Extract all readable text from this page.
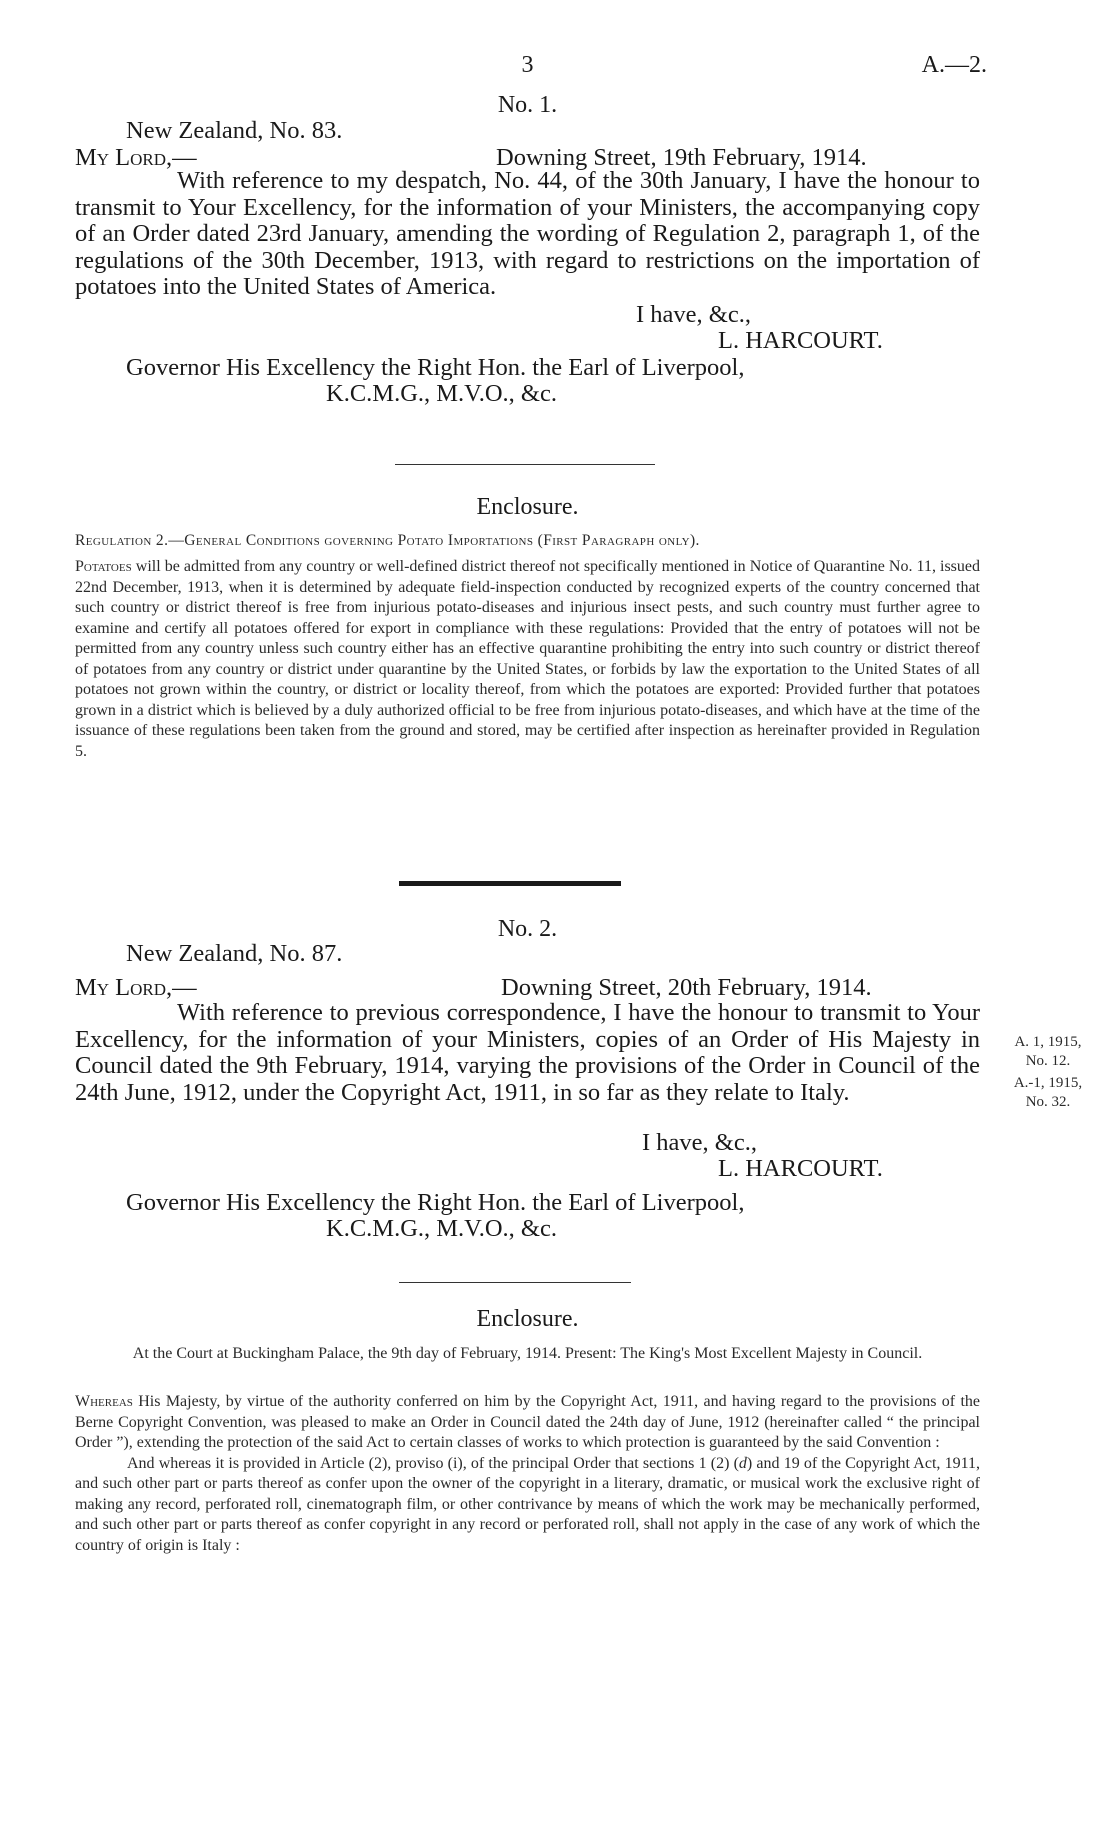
3	A.—2.
No. 1.
New Zealand, No. 83.
My Lord,—	Downing Street, 19th February, 1914.

With reference to my despatch, No. 44, of the 30th January, I have the honour to transmit to Your Excellency, for the information of your Ministers, the accompanying copy of an Order dated 23rd January, amending the wording of Regulation 2, paragraph 1, of the regulations of the 30th December, 1913, with regard to restrictions on the importation of potatoes into the United States of America.

I have, &c.,
L. HARCOURT.
Governor His Excellency the Right Hon. the Earl of Liverpool,
K.C.M.G., M.V.O., &c.
Enclosure.
Regulation 2.—General Conditions governing Potato Importations (First Paragraph only).

Potatoes will be admitted from any country or well-defined district thereof not specifically mentioned in Notice of Quarantine No. 11, issued 22nd December, 1913, when it is determined by adequate field-inspection conducted by recognized experts of the country concerned that such country or district thereof is free from injurious potato-diseases and injurious insect pests, and such country must further agree to examine and certify all potatoes offered for export in compliance with these regulations: Provided that the entry of potatoes will not be permitted from any country unless such country either has an effective quarantine prohibiting the entry into such country or district thereof of potatoes from any country or district under quarantine by the United States, or forbids by law the exportation to the United States of all potatoes not grown within the country, or district or locality thereof, from which the potatoes are exported: Provided further that potatoes grown in a district which is believed by a duly authorized official to be free from injurious potato-diseases, and which have at the time of the issuance of these regulations been taken from the ground and stored, may be certified after inspection as hereinafter provided in Regulation 5.

No. 2.
New Zealand, No. 87.
My Lord,—	Downing Street, 20th February, 1914.

With reference to previous correspondence, I have the honour to transmit to Your Excellency, for the information of your Ministers, copies of an Order of His Majesty in Council dated the 9th February, 1914, varying the provisions of the Order in Council of the 24th June, 1912, under the Copyright Act, 1911, in so far as they relate to Italy.

A. 1, 1915,
No. 12.
A.-1, 1915,
No. 32.
I have, &c.,
L. HARCOURT.
Governor His Excellency the Right Hon. the Earl of Liverpool,
K.C.M.G., M.V.O., &c.
Enclosure.

At the Court at Buckingham Palace, the 9th day of February, 1914. Present: The King's Most Excellent Majesty in Council.

Whereas His Majesty, by virtue of the authority conferred on him by the Copyright Act, 1911, and having regard to the provisions of the Berne Copyright Convention, was pleased to make an Order in Council dated the 24th day of June, 1912 (hereinafter called “ the principal Order ”), extending the protection of the said Act to certain classes of works to which protection is guaranteed by the said Convention :

And whereas it is provided in Article (2), proviso (i), of the principal Order that sections 1 (2) (d) and 19 of the Copyright Act, 1911, and such other part or parts thereof as confer upon the owner of the copyright in a literary, dramatic, or musical work the exclusive right of making any record, perforated roll, cinematograph film, or other contrivance by means of which the work may be mechanically performed, and such other part or parts thereof as confer copyright in any record or perforated roll, shall not apply in the case of any work of which the country of origin is Italy :
